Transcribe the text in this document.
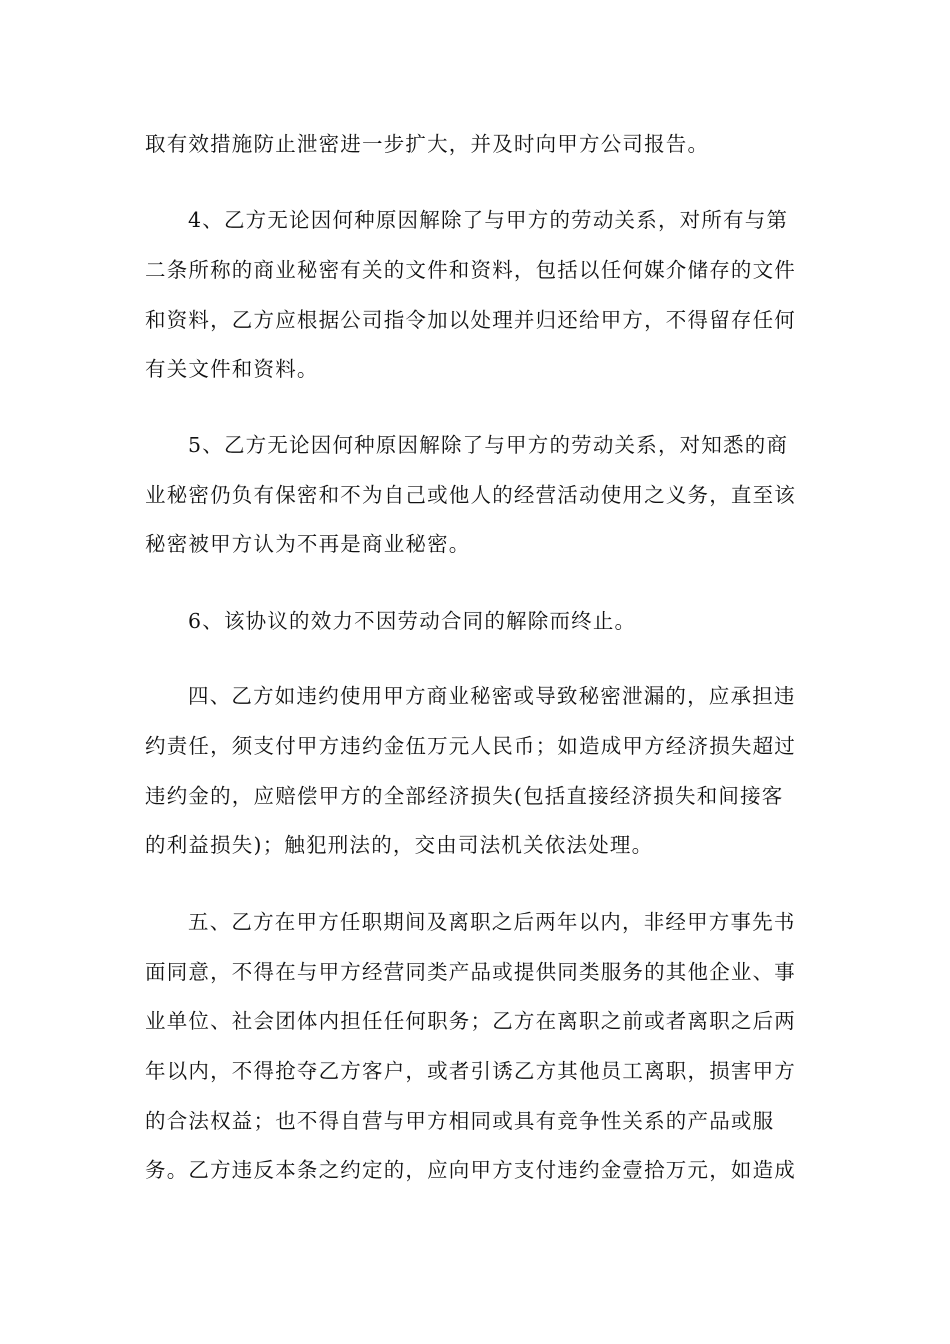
取有效措施防止泄密进一步扩大，并及时向甲方公司报告。
4、乙方无论因何种原因解除了与甲方的劳动关系，对所有与第
二条所称的商业秘密有关的文件和资料，包括以任何媒介储存的文件
和资料，乙方应根据公司指令加以处理并归还给甲方，不得留存任何
有关文件和资料。
5、乙方无论因何种原因解除了与甲方的劳动关系，对知悉的商
业秘密仍负有保密和不为自己或他人的经营活动使用之义务，直至该
秘密被甲方认为不再是商业秘密。
6、该协议的效力不因劳动合同的解除而终止。
四、乙方如违约使用甲方商业秘密或导致秘密泄漏的，应承担违
约责任，须支付甲方违约金伍万元人民币；如造成甲方经济损失超过
违约金的，应赔偿甲方的全部经济损失(包括直接经济损失和间接客
的利益损失)；触犯刑法的，交由司法机关依法处理。
五、乙方在甲方任职期间及离职之后两年以内，非经甲方事先书
面同意，不得在与甲方经营同类产品或提供同类服务的其他企业、事
业单位、社会团体内担任任何职务；乙方在离职之前或者离职之后两
年以内，不得抢夺乙方客户，或者引诱乙方其他员工离职，损害甲方
的合法权益；也不得自营与甲方相同或具有竞争性关系的产品或服
务。乙方违反本条之约定的，应向甲方支付违约金壹拾万元，如造成
